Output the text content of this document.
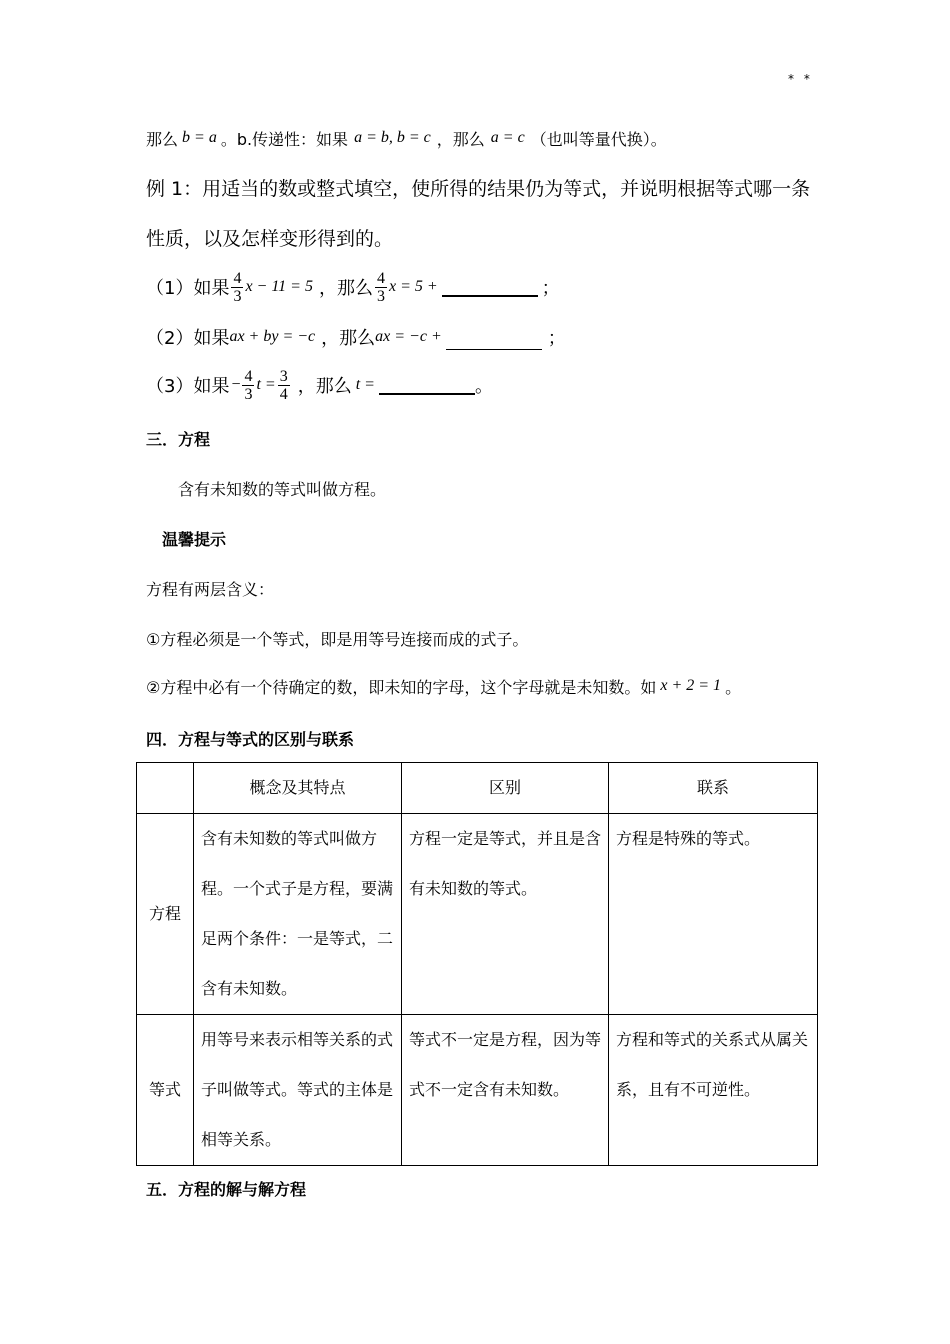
* *
那么 b = a 。b.传递性：如果 a = b, b = c ，那么 a = c （也叫等量代换）。
例 1：用适当的数或整式填空，使所得的结果仍为等式，并说明根据等式哪一条
性质，以及怎样变形得到的。
（1）如果 $\frac{4}{3}$ x − 11 = 5 ，那么 $\frac{4}{3}$ x = 5 +	；
（2）如果 ax + by = −c ，那么 ax = −c +	；
（3）如果 − $\frac{4}{3}$ $t = \frac{3}{4}$ ，那么 t =	。
三．方程
含有未知数的等式叫做方程。
温馨提示
方程有两层含义：
①方程必须是一个等式，即是用等号连接而成的式子。
②方程中必有一个待确定的数，即未知的字母，这个字母就是未知数。如 x + 2 = 1 。
四．方程与等式的区别与联系
	概念及其特点	区别	联系
方程	含有未知数的等式叫做方程。一个式子是方程，要满足两个条件：一是等式，二含有未知数。	方程一定是等式，并且是含有未知数的等式。	方程是特殊的等式。
等式	用等号来表示相等关系的式子叫做等式。等式的主体是相等关系。	等式不一定是方程，因为等式不一定含有未知数。	方程和等式的关系式从属关系，且有不可逆性。
五．方程的解与解方程
